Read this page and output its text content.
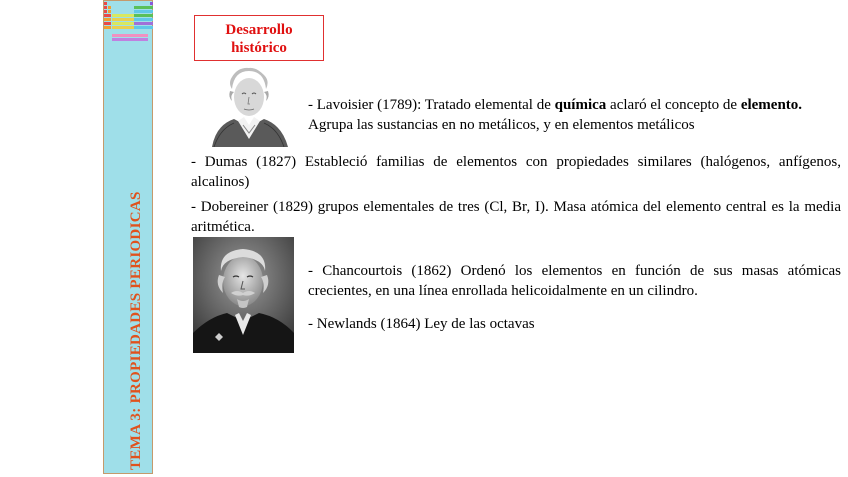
TEMA 3: PROPIEDADES PERIODICAS
Desarrollo
histórico
- Lavoisier (1789): Tratado elemental de química aclaró el concepto de elemento.
Agrupa las sustancias en no metálicos, y en elementos metálicos
- Dumas (1827) Estableció familias de elementos con propiedades similares (halógenos, anfígenos, alcalinos)
- Dobereiner (1829) grupos elementales de tres (Cl, Br, I). Masa atómica del elemento central es la media aritmética.
- Chancourtois (1862) Ordenó los elementos en función de sus masas atómicas crecientes, en una línea enrollada helicoidalmente en un cilindro.
- Newlands (1864) Ley de las octavas
